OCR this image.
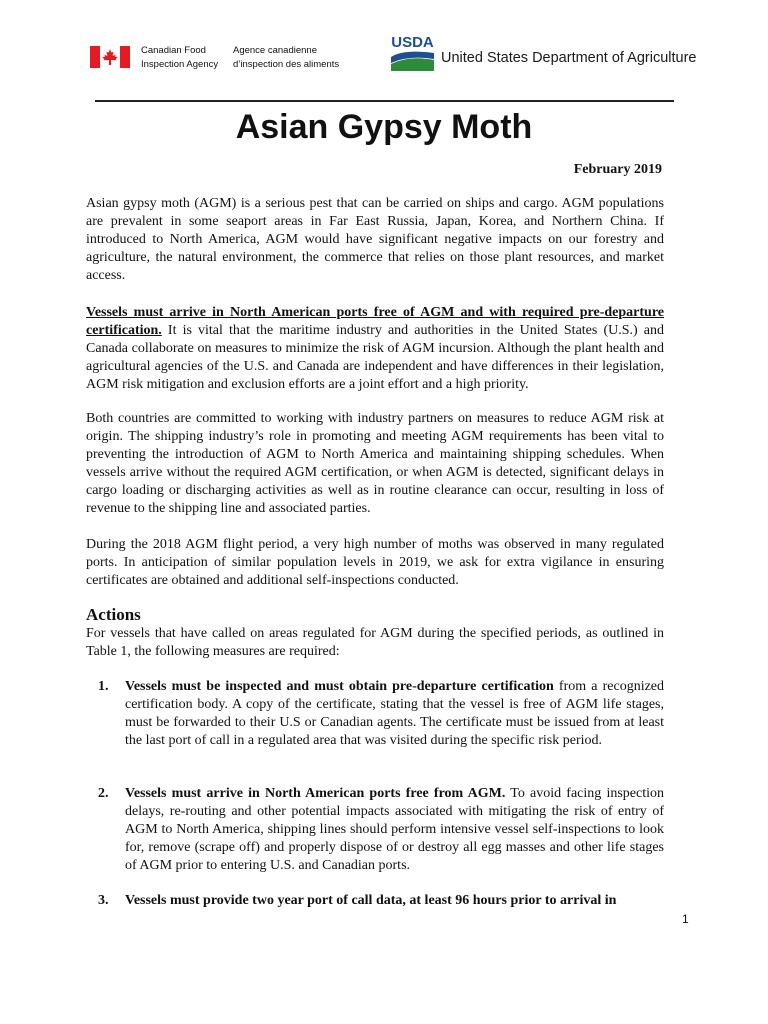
Canadian Food
Inspection Agency
Agence canadienne
d’inspection des aliments
USDA
United States Department of Agriculture
Asian Gypsy Moth
February 2019
Asian gypsy moth (AGM) is a serious pest that can be carried on ships and cargo. AGM populations are prevalent in some seaport areas in Far East Russia, Japan, Korea, and Northern China. If introduced to North America, AGM would have significant negative impacts on our forestry and agriculture, the natural environment, the commerce that relies on those plant resources, and market access.
Vessels must arrive in North American ports free of AGM and with required pre-departure certification. It is vital that the maritime industry and authorities in the United States (U.S.) and Canada collaborate on measures to minimize the risk of AGM incursion. Although the plant health and agricultural agencies of the U.S. and Canada are independent and have differences in their legislation, AGM risk mitigation and exclusion efforts are a joint effort and a high priority.
Both countries are committed to working with industry partners on measures to reduce AGM risk at origin. The shipping industry’s role in promoting and meeting AGM requirements has been vital to preventing the introduction of AGM to North America and maintaining shipping schedules. When vessels arrive without the required AGM certification, or when AGM is detected, significant delays in cargo loading or discharging activities as well as in routine clearance can occur, resulting in loss of revenue to the shipping line and associated parties.
During the 2018 AGM flight period, a very high number of moths was observed in many regulated ports. In anticipation of similar population levels in 2019, we ask for extra vigilance in ensuring certificates are obtained and additional self-inspections conducted.
Actions
For vessels that have called on areas regulated for AGM during the specified periods, as outlined in Table 1, the following measures are required:
1. Vessels must be inspected and must obtain pre-departure certification from a recognized certification body. A copy of the certificate, stating that the vessel is free of AGM life stages, must be forwarded to their U.S or Canadian agents. The certificate must be issued from at least the last port of call in a regulated area that was visited during the specific risk period.
2. Vessels must arrive in North American ports free from AGM. To avoid facing inspection delays, re-routing and other potential impacts associated with mitigating the risk of entry of AGM to North America, shipping lines should perform intensive vessel self-inspections to look for, remove (scrape off) and properly dispose of or destroy all egg masses and other life stages of AGM prior to entering U.S. and Canadian ports.
3. Vessels must provide two year port of call data, at least 96 hours prior to arrival in
1
